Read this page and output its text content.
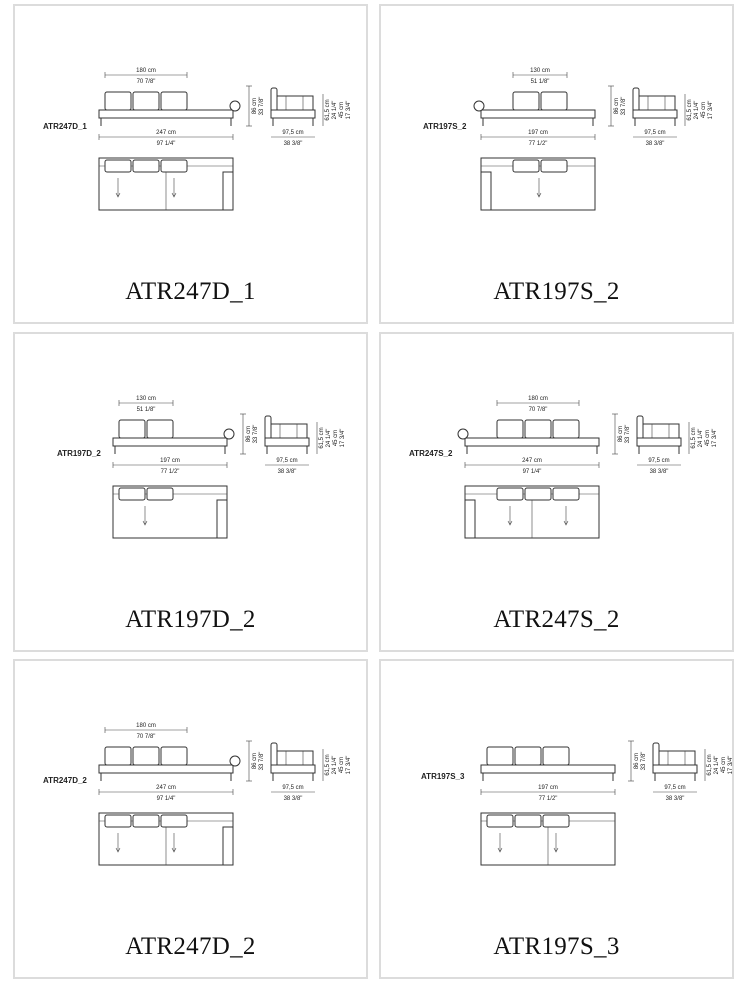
ATR247D_1
180 cm
70 7/8"
86 cm 33 7/8"
247 cm
97 1/4"
97,5 cm
38 3/8"
61,5 cm 24 1/4" 45 cm 17 3/4"
ATR247D_1
ATR197S_2
130 cm
51 1/8"
86 cm 33 7/8"
197 cm
77 1/2"
97,5 cm
38 3/8"
61,5 cm 24 1/4" 45 cm 17 3/4"
ATR197S_2
ATR197D_2
130 cm
51 1/8"
86 cm 33 7/8"
197 cm
77 1/2"
97,5 cm
38 3/8"
61,5 cm 24 1/4" 45 cm 17 3/4"
ATR197D_2
ATR247S_2
180 cm
70 7/8"
86 cm 33 7/8"
247 cm
97 1/4"
97,5 cm
38 3/8"
61,5 cm 24 1/4" 45 cm 17 3/4"
ATR247S_2
ATR247D_2
180 cm
70 7/8"
86 cm 33 7/8"
247 cm
97 1/4"
97,5 cm
38 3/8"
61,5 cm 24 1/4" 45 cm 17 3/4"
ATR247D_2
ATR197S_3
86 cm 33 7/8"
197 cm
77 1/2"
97,5 cm
38 3/8"
61,5 cm 24 1/4" 45 cm 17 3/4"
ATR197S_3
